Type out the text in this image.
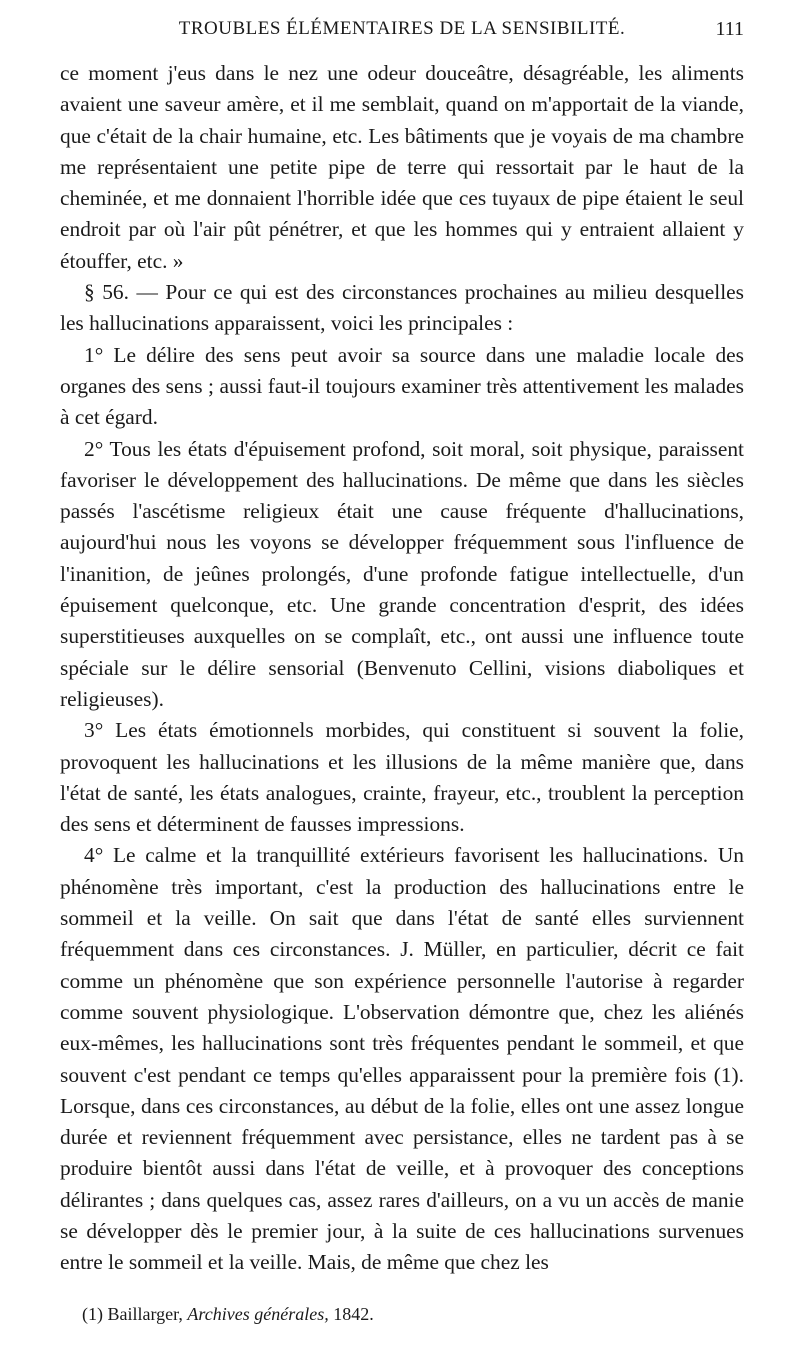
TROUBLES ÉLÉMENTAIRES DE LA SENSIBILITÉ.	111

ce moment j'eus dans le nez une odeur douceâtre, désagréable, les aliments avaient une saveur amère, et il me semblait, quand on m'apportait de la viande, que c'était de la chair humaine, etc. Les bâtiments que je voyais de ma chambre me représentaient une petite pipe de terre qui ressortait par le haut de la cheminée, et me donnaient l'horrible idée que ces tuyaux de pipe étaient le seul endroit par où l'air pût pénétrer, et que les hommes qui y entraient allaient y étouffer, etc. »

§ 56. — Pour ce qui est des circonstances prochaines au milieu desquelles les hallucinations apparaissent, voici les principales :

1° Le délire des sens peut avoir sa source dans une maladie locale des organes des sens ; aussi faut-il toujours examiner très attentivement les malades à cet égard.

2° Tous les états d'épuisement profond, soit moral, soit physique, paraissent favoriser le développement des hallucinations. De même que dans les siècles passés l'ascétisme religieux était une cause fréquente d'hallucinations, aujourd'hui nous les voyons se développer fréquemment sous l'influence de l'inanition, de jeûnes prolongés, d'une profonde fatigue intellectuelle, d'un épuisement quelconque, etc. Une grande concentration d'esprit, des idées superstitieuses auxquelles on se complaît, etc., ont aussi une influence toute spéciale sur le délire sensorial (Benvenuto Cellini, visions diaboliques et religieuses).

3° Les états émotionnels morbides, qui constituent si souvent la folie, provoquent les hallucinations et les illusions de la même manière que, dans l'état de santé, les états analogues, crainte, frayeur, etc., troublent la perception des sens et déterminent de fausses impressions.

4° Le calme et la tranquillité extérieurs favorisent les hallucinations. Un phénomène très important, c'est la production des hallucinations entre le sommeil et la veille. On sait que dans l'état de santé elles surviennent fréquemment dans ces circonstances. J. Müller, en particulier, décrit ce fait comme un phénomène que son expérience personnelle l'autorise à regarder comme souvent physiologique. L'observation démontre que, chez les aliénés eux-mêmes, les hallucinations sont très fréquentes pendant le sommeil, et que souvent c'est pendant ce temps qu'elles apparaissent pour la première fois (1). Lorsque, dans ces circonstances, au début de la folie, elles ont une assez longue durée et reviennent fréquemment avec persistance, elles ne tardent pas à se produire bientôt aussi dans l'état de veille, et à provoquer des conceptions délirantes ; dans quelques cas, assez rares d'ailleurs, on a vu un accès de manie se développer dès le premier jour, à la suite de ces hallucinations survenues entre le sommeil et la veille. Mais, de même que chez les

(1) Baillarger, Archives générales, 1842.
